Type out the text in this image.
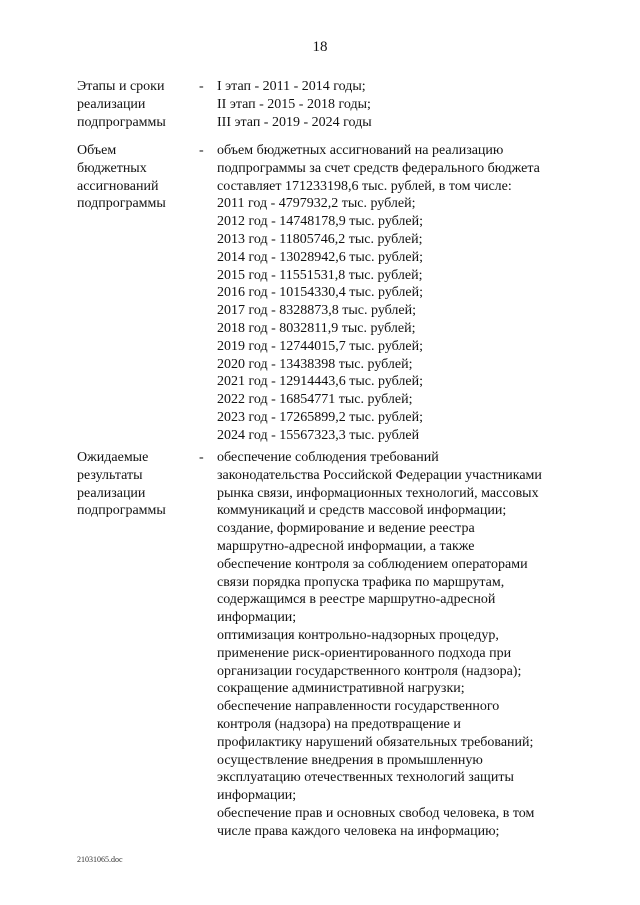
18
Этапы и сроки
реализации
подпрограммы
- I этап - 2011 - 2014 годы;
II этап - 2015 - 2018 годы;
III этап - 2019 - 2024 годы
Объем
бюджетных
ассигнований
подпрограммы
- объем бюджетных ассигнований на реализацию
подпрограммы за счет средств федерального бюджета
составляет 171233198,6 тыс. рублей, в том числе:
2011 год - 4797932,2 тыс. рублей;
2012 год - 14748178,9 тыс. рублей;
2013 год - 11805746,2 тыс. рублей;
2014 год - 13028942,6 тыс. рублей;
2015 год - 11551531,8 тыс. рублей;
2016 год - 10154330,4 тыс. рублей;
2017 год - 8328873,8 тыс. рублей;
2018 год - 8032811,9 тыс. рублей;
2019 год - 12744015,7 тыс. рублей;
2020 год - 13438398 тыс. рублей;
2021 год - 12914443,6 тыс. рублей;
2022 год - 16854771 тыс. рублей;
2023 год - 17265899,2 тыс. рублей;
2024 год - 15567323,3 тыс. рублей
Ожидаемые
результаты
реализации
подпрограммы
- обеспечение соблюдения требований
законодательства Российской Федерации участниками
рынка связи, информационных технологий, массовых
коммуникаций и средств массовой информации;
создание, формирование и ведение реестра
маршрутно-адресной информации, а также
обеспечение контроля за соблюдением операторами
связи порядка пропуска трафика по маршрутам,
содержащимся в реестре маршрутно-адресной
информации;
оптимизация контрольно-надзорных процедур,
применение риск-ориентированного подхода при
организации государственного контроля (надзора);
сокращение административной нагрузки;
обеспечение направленности государственного
контроля (надзора) на предотвращение и
профилактику нарушений обязательных требований;
осуществление внедрения в промышленную
эксплуатацию отечественных технологий защиты
информации;
обеспечение прав и основных свобод человека, в том
числе права каждого человека на информацию;
21031065.doc
